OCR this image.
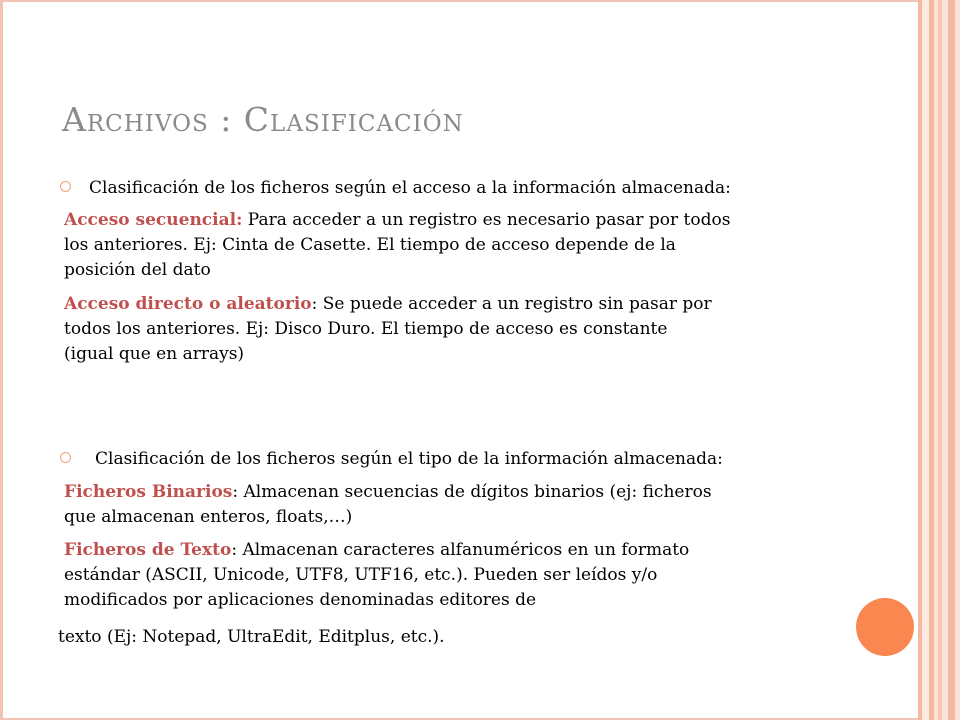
Archivos : Clasificación
Clasificación de los ficheros según el acceso a la información almacenada:
Acceso secuencial: Para acceder a un registro es necesario pasar por todos
los anteriores. Ej: Cinta de Casette. El tiempo de acceso depende de la
posición del dato
Acceso directo o aleatorio: Se puede acceder a un registro sin pasar por
todos los anteriores. Ej: Disco Duro. El tiempo de acceso es constante
(igual que en arrays)
Clasificación de los ficheros según el tipo de la información almacenada:
Ficheros Binarios: Almacenan secuencias de dígitos binarios (ej: ficheros
que almacenan enteros, floats,…)
Ficheros de Texto: Almacenan caracteres alfanuméricos en un formato
estándar (ASCII, Unicode, UTF8, UTF16, etc.). Pueden ser leídos y/o
modificados por aplicaciones denominadas editores de
texto (Ej: Notepad, UltraEdit, Editplus, etc.).
